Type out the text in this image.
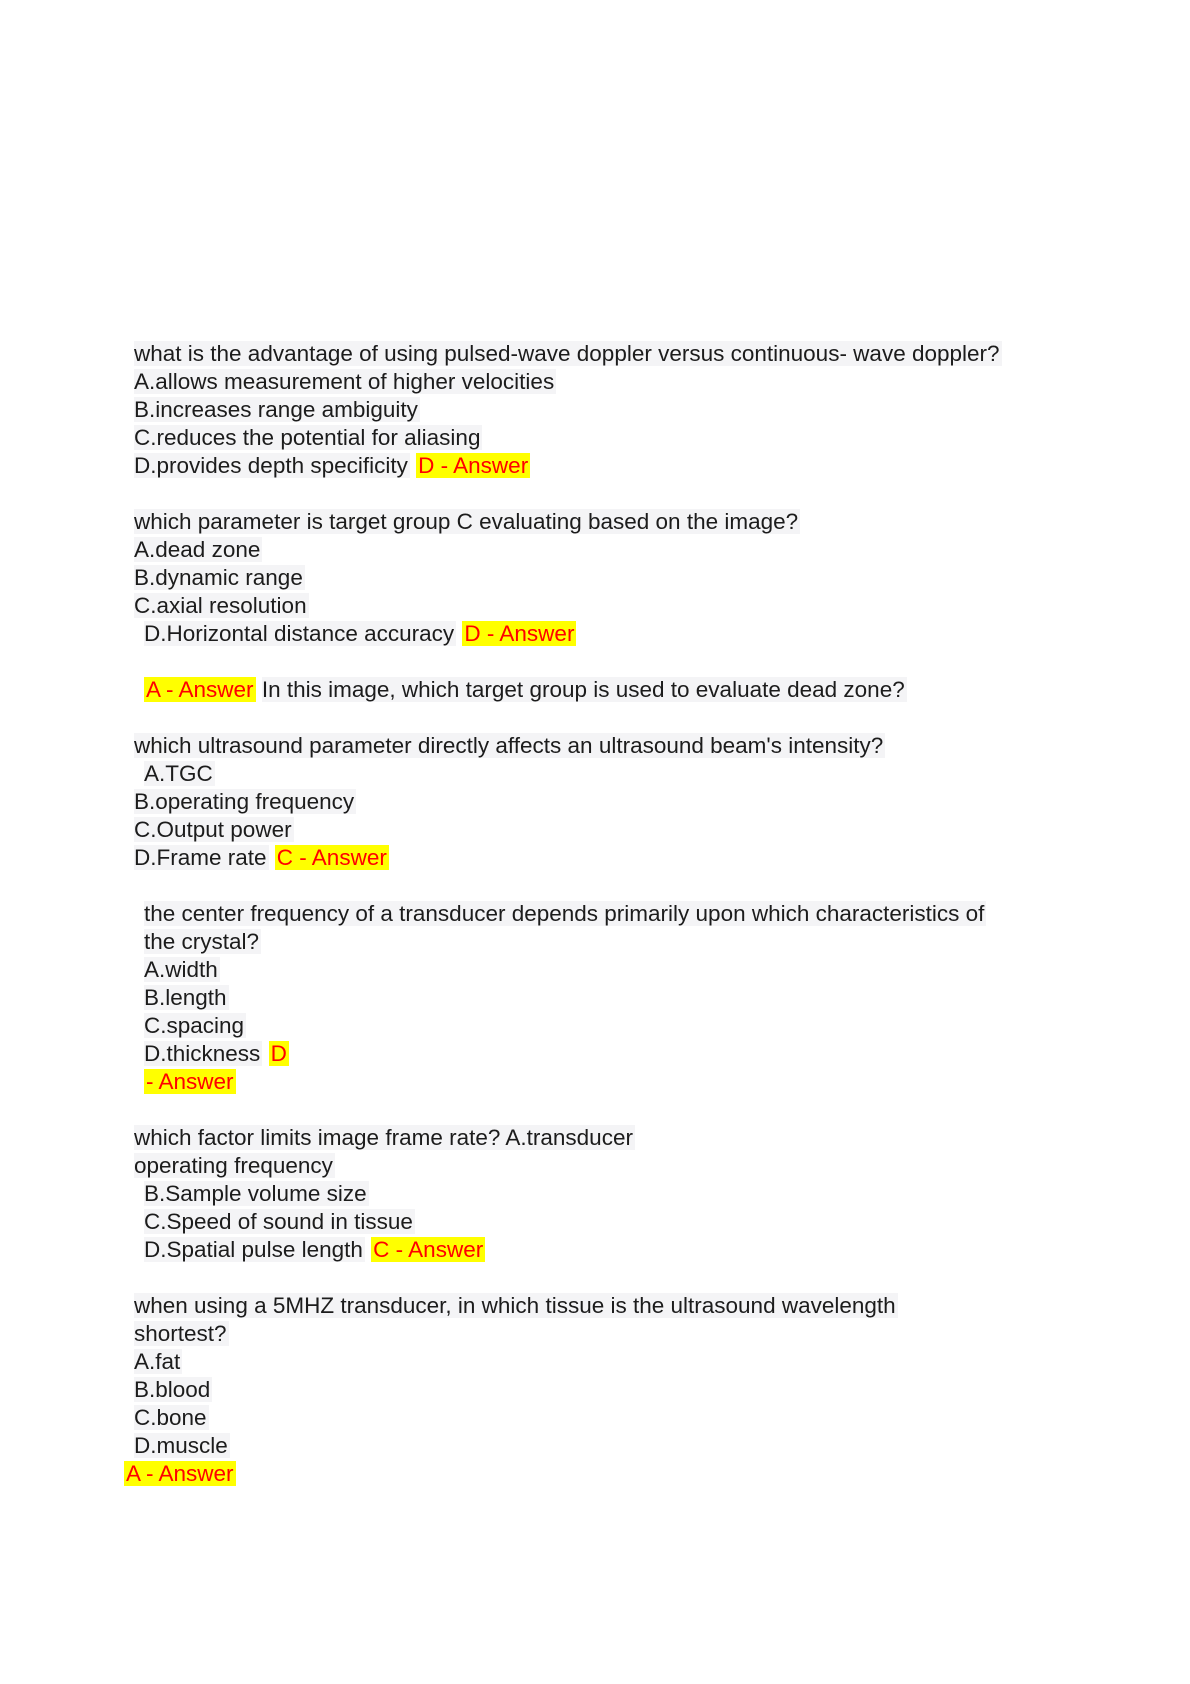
what is the advantage of using pulsed-wave doppler versus continuous- wave doppler?
A.allows measurement of higher velocities
B.increases range ambiguity
C.reduces the potential for aliasing
D.provides depth specificity D - Answer
which parameter is target group C evaluating based on the image?
A.dead zone
B.dynamic range
C.axial resolution
D.Horizontal distance accuracy D - Answer
A - Answer In this image, which target group is used to evaluate dead zone?
which ultrasound parameter directly affects an ultrasound beam's intensity?
A.TGC
B.operating frequency
C.Output power
D.Frame rate C - Answer
the center frequency of a transducer depends primarily upon which characteristics of
the crystal?
A.width
B.length
C.spacing
D.thickness D
- Answer
which factor limits image frame rate? A.transducer
operating frequency
B.Sample volume size
C.Speed of sound in tissue
D.Spatial pulse length C - Answer
when using a 5MHZ transducer, in which tissue is the ultrasound wavelength
shortest?
A.fat
B.blood
C.bone
D.muscle
A - Answer
